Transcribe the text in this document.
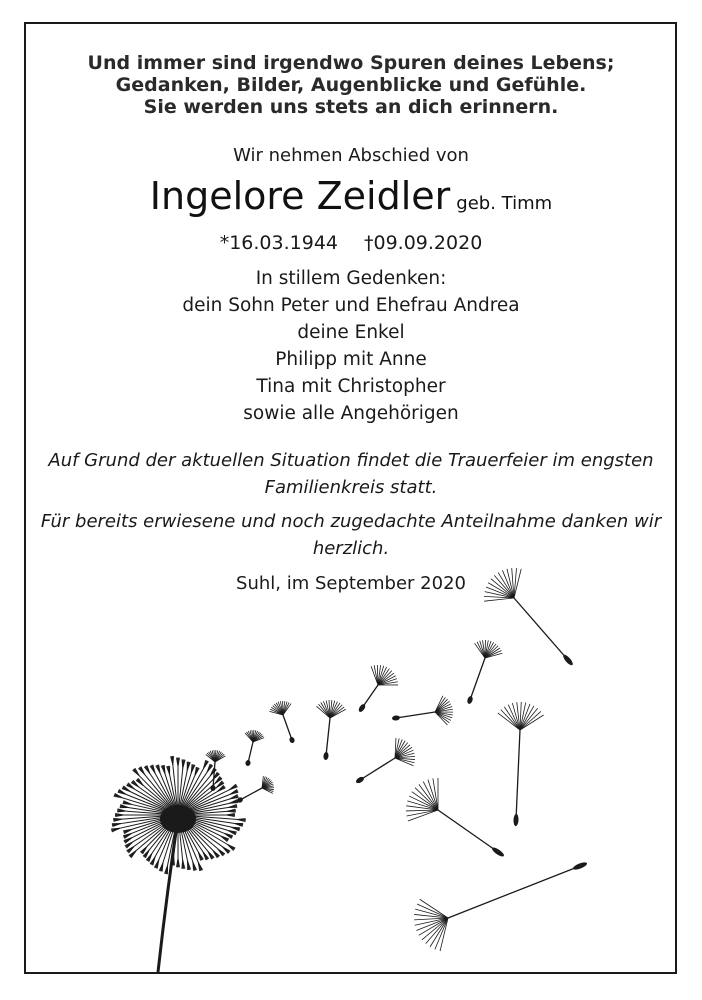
Und immer sind irgendwo Spuren deines Lebens;
Gedanken, Bilder, Augenblicke und Gefühle.
Sie werden uns stets an dich erinnern.
Wir nehmen Abschied von
Ingelore Zeidler geb. Timm
*16.03.1944 †09.09.2020
In stillem Gedenken:
dein Sohn Peter und Ehefrau Andrea
deine Enkel
Philipp mit Anne
Tina mit Christopher
sowie alle Angehörigen
Auf Grund der aktuellen Situation findet die Trauerfeier im engsten
Familienkreis statt.
Für bereits erwiesene und noch zugedachte Anteilnahme danken wir
herzlich.
Suhl, im September 2020
